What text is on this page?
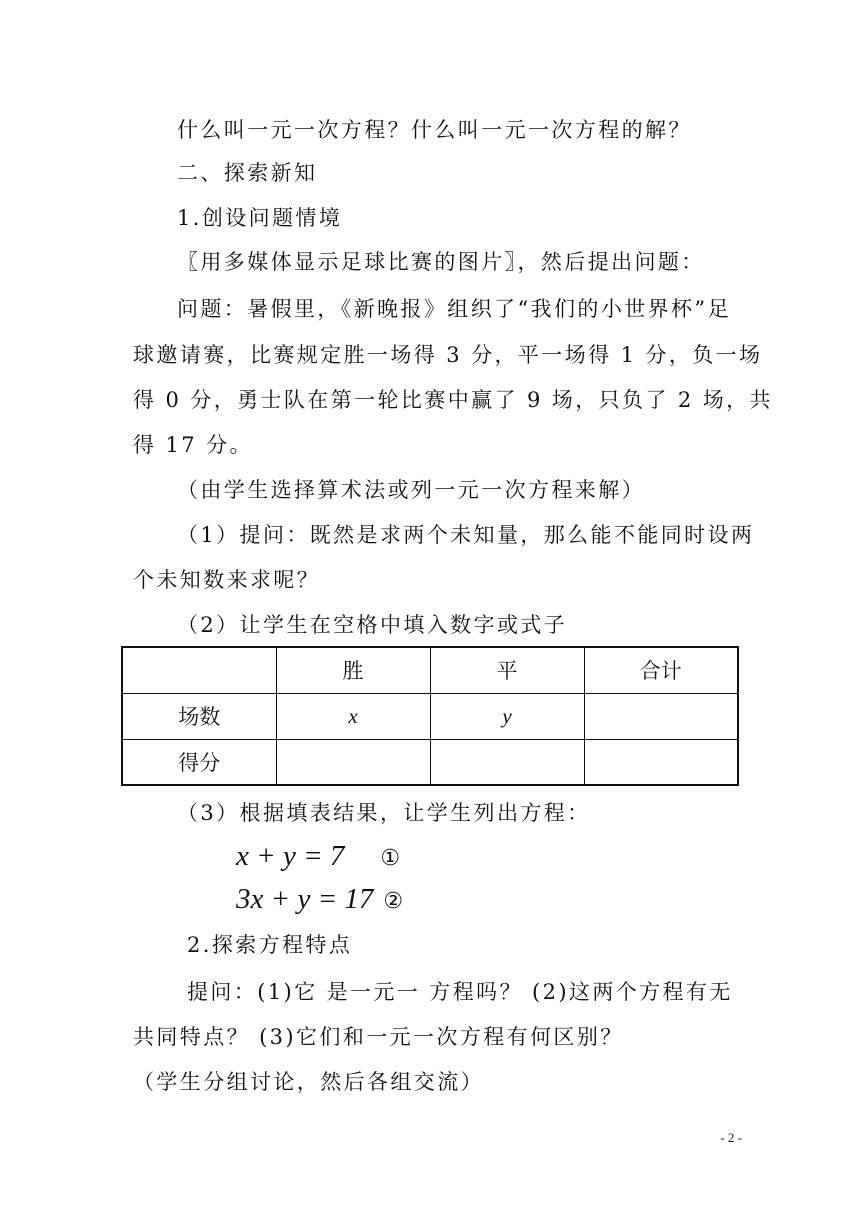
什么叫一元一次方程？什么叫一元一次方程的解？
二、探索新知
1.创设问题情境
〖用多媒体显示足球比赛的图片〗，然后提出问题：
问题：暑假里，《新晚报》组织了“我们的小世界杯”足
球邀请赛，比赛规定胜一场得 3 分，平一场得 1 分，负一场
得 0 分，勇士队在第一轮比赛中赢了 9 场，只负了 2 场，共
得 17 分。
（由学生选择算术法或列一元一次方程来解）
（1）提问：既然是求两个未知量，那么能不能同时设两
个未知数来求呢？
（2）让学生在空格中填入数字或式子
	胜	平	合计
场数	x	y	
得分			
（3）根据填表结果，让学生列出方程：
x + y = 7 ①
3x + y = 17 ②
2.探索方程特点
提问：(1)它 是一元一 方程吗？ (2)这两个方程有无
共同特点？ (3)它们和一元一次方程有何区别？
（学生分组讨论，然后各组交流）
- 2 -
